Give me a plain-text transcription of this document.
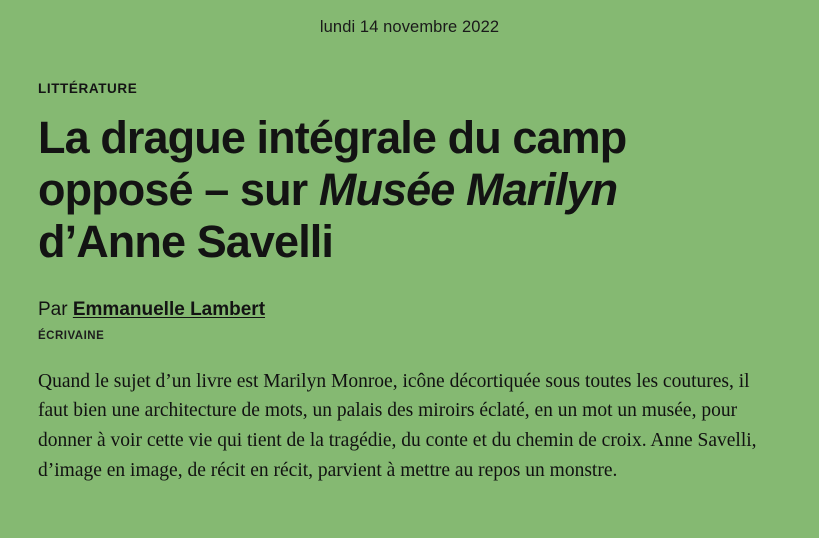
lundi 14 novembre 2022
LITTÉRATURE
La drague intégrale du camp opposé – sur Musée Marilyn d’Anne Savelli
Par Emmanuelle Lambert
ÉCRIVAINE

Quand le sujet d’un livre est Marilyn Monroe, icône décortiquée sous toutes les coutures, il faut bien une architecture de mots, un palais des miroirs éclaté, en un mot un musée, pour donner à voir cette vie qui tient de la tragédie, du conte et du chemin de croix. Anne Savelli, d’image en image, de récit en récit, parvient à mettre au repos un monstre.
